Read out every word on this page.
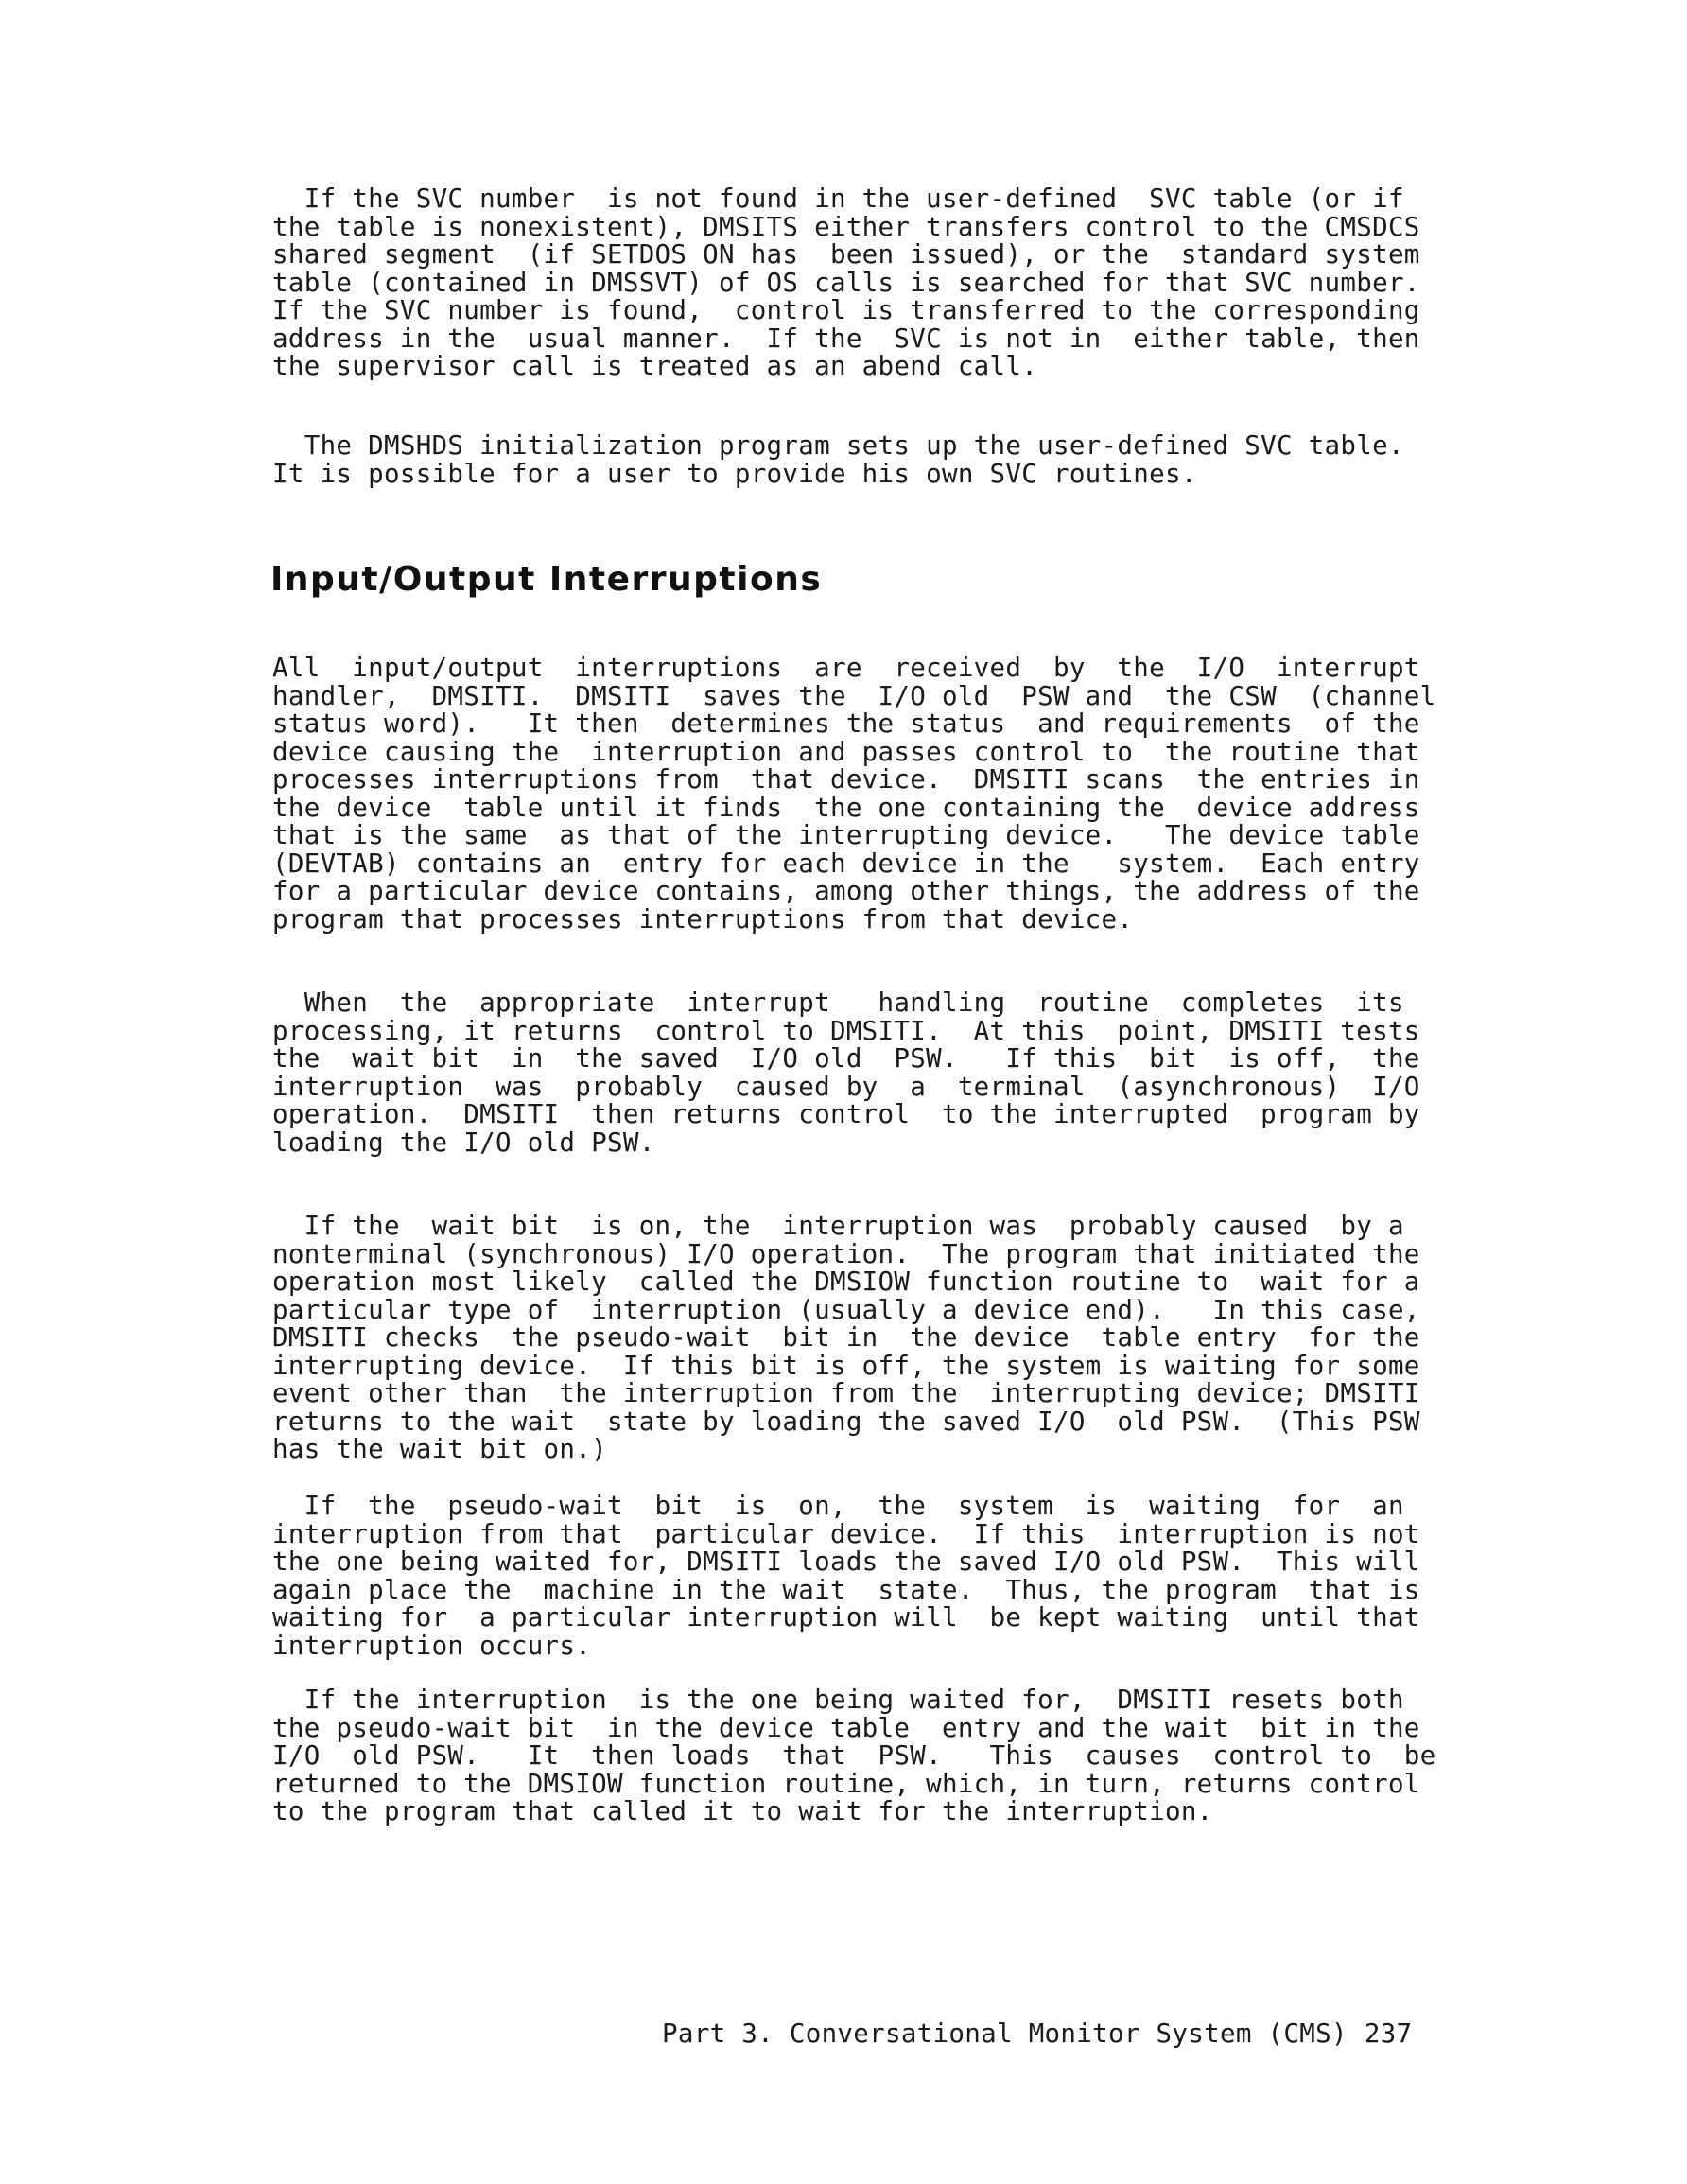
If the SVC number  is not found in the user-defined  SVC table (or if
the table is nonexistent), DMSITS either transfers control to the CMSDCS
shared segment  (if SETDOS ON has  been issued), or the  standard system
table (contained in DMSSVT) of OS calls is searched for that SVC number.
If the SVC number is found,  control is transferred to the corresponding
address in the  usual manner.  If the  SVC is not in  either table, then
the supervisor call is treated as an abend call.

The DMSHDS initialization program sets up the user-defined SVC table.
It is possible for a user to provide his own SVC routines.

Input/Output Interruptions

All  input/output  interruptions  are  received  by  the  I/O  interrupt
handler,  DMSITI.  DMSITI  saves the  I/O old  PSW and  the CSW  (channel
status word).   It then  determines the status  and requirements  of the
device causing the  interruption and passes control to  the routine that
processes interruptions from  that device.  DMSITI scans  the entries in
the device  table until it finds  the one containing the  device address
that is the same  as that of the interrupting device.   The device table
(DEVTAB) contains an  entry for each device in the   system.  Each entry
for a particular device contains, among other things, the address of the
program that processes interruptions from that device.

When  the  appropriate  interrupt   handling  routine  completes  its
processing, it returns  control to DMSITI.  At this  point, DMSITI tests
the  wait bit  in  the saved  I/O old  PSW.   If this  bit  is off,  the
interruption  was  probably  caused by  a  terminal  (asynchronous)  I/O
operation.  DMSITI  then returns control  to the interrupted  program by
loading the I/O old PSW.

If the  wait bit  is on, the  interruption was  probably caused  by a
nonterminal (synchronous) I/O operation.  The program that initiated the
operation most likely  called the DMSIOW function routine to  wait for a
particular type of  interruption (usually a device end).   In this case,
DMSITI checks  the pseudo-wait  bit in  the device  table entry  for the
interrupting device.  If this bit is off, the system is waiting for some
event other than  the interruption from the  interrupting device; DMSITI
returns to the wait  state by loading the saved I/O  old PSW.  (This PSW
has the wait bit on.)

If  the  pseudo-wait  bit  is  on,  the  system  is  waiting  for  an
interruption from that  particular device.  If this  interruption is not
the one being waited for, DMSITI loads the saved I/O old PSW.  This will
again place the  machine in the wait  state.  Thus, the program  that is
waiting for  a particular interruption will  be kept waiting  until that
interruption occurs.

If the interruption  is the one being waited for,  DMSITI resets both
the pseudo-wait bit  in the device table  entry and the wait  bit in the
I/O  old PSW.   It  then loads  that  PSW.   This  causes  control to  be
returned to the DMSIOW function routine, which, in turn, returns control
to the program that called it to wait for the interruption.

Part 3. Conversational Monitor System (CMS) 237
